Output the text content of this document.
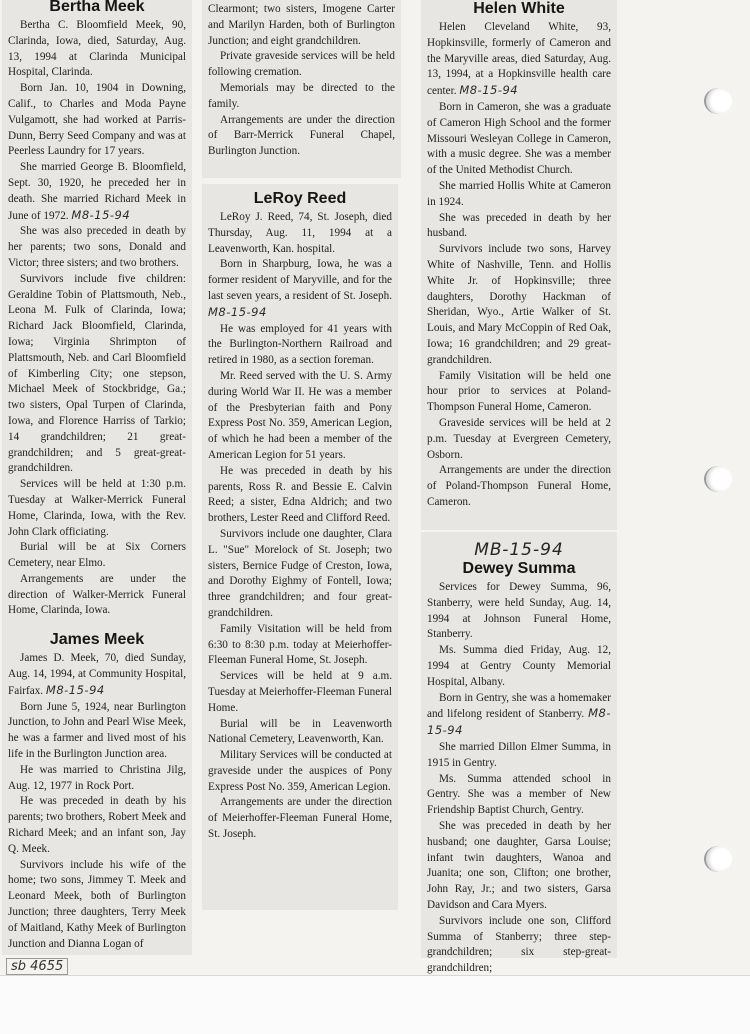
Bertha Meek

Bertha C. Bloomfield Meek, 90, Clarinda, Iowa, died, Saturday, Aug. 13, 1994 at Clarinda Municipal Hospital, Clarinda.

Born Jan. 10, 1904 in Downing, Calif., to Charles and Moda Payne Vulgamott, she had worked at Parris-Dunn, Berry Seed Company and was at Peerless Laundry for 17 years.

She married George B. Bloomfield, Sept. 30, 1920, he preceded her in death. She married Richard Meek in June of 1972. M8-15-94

She was also preceded in death by her parents; two sons, Donald and Victor; three sisters; and two brothers.

Survivors include five children: Geraldine Tobin of Plattsmouth, Neb., Leona M. Fulk of Clarinda, Iowa; Richard Jack Bloomfield, Clarinda, Iowa; Virginia Shrimpton of Plattsmouth, Neb. and Carl Bloomfield of Kimberling City; one stepson, Michael Meek of Stockbridge, Ga.; two sisters, Opal Turpen of Clarinda, Iowa, and Florence Harriss of Tarkio; 14 grandchildren; 21 great-grandchildren; and 5 great-great-grandchildren.

Services will be held at 1:30 p.m. Tuesday at Walker-Merrick Funeral Home, Clarinda, Iowa, with the Rev. John Clark officiating.

Burial will be at Six Corners Cemetery, near Elmo.

Arrangements are under the direction of Walker-Merrick Funeral Home, Clarinda, Iowa.

James Meek

James D. Meek, 70, died Sunday, Aug. 14, 1994, at Community Hospital, Fairfax. M8-15-94

Born June 5, 1924, near Burlington Junction, to John and Pearl Wise Meek, he was a farmer and lived most of his life in the Burlington Junction area.

He was married to Christina Jilg, Aug. 12, 1977 in Rock Port.

He was preceded in death by his parents; two brothers, Robert Meek and Richard Meek; and an infant son, Jay Q. Meek.

Survivors include his wife of the home; two sons, Jimmey T. Meek and Leonard Meek, both of Burlington Junction; three daughters, Terry Meek of Maitland, Kathy Meek of Burlington Junction and Dianna Logan of

Clearmont; two sisters, Imogene Carter and Marilyn Harden, both of Burlington Junction; and eight grandchildren.

Private graveside services will be held following cremation.

Memorials may be directed to the family.

Arrangements are under the direction of Barr-Merrick Funeral Chapel, Burlington Junction.

LeRoy Reed

LeRoy J. Reed, 74, St. Joseph, died Thursday, Aug. 11, 1994 at a Leavenworth, Kan. hospital.

Born in Sharpburg, Iowa, he was a former resident of Maryville, and for the last seven years, a resident of St. Joseph. M8-15-94

He was employed for 41 years with the Burlington-Northern Railroad and retired in 1980, as a section foreman.

Mr. Reed served with the U. S. Army during World War II. He was a member of the Presbyterian faith and Pony Express Post No. 359, American Legion, of which he had been a member of the American Legion for 51 years.

He was preceded in death by his parents, Ross R. and Bessie E. Calvin Reed; a sister, Edna Aldrich; and two brothers, Lester Reed and Clifford Reed.

Survivors include one daughter, Clara L. "Sue" Morelock of St. Joseph; two sisters, Bernice Fudge of Creston, Iowa, and Dorothy Eighmy of Fontell, Iowa; three grandchildren; and four great-grandchildren.

Family Visitation will be held from 6:30 to 8:30 p.m. today at Meierhoffer-Fleeman Funeral Home, St. Joseph.

Services will be held at 9 a.m. Tuesday at Meierhoffer-Fleeman Funeral Home.

Burial will be in Leavenworth National Cemetery, Leavenworth, Kan.

Military Services will be conducted at graveside under the auspices of Pony Express Post No. 359, American Legion.

Arrangements are under the direction of Meierhoffer-Fleeman Funeral Home, St. Joseph.

Helen White

Helen Cleveland White, 93, Hopkinsville, formerly of Cameron and the Maryville areas, died Saturday, Aug. 13, 1994, at a Hopkinsville health care center. M8-15-94

Born in Cameron, she was a graduate of Cameron High School and the former Missouri Wesleyan College in Cameron, with a music degree. She was a member of the United Methodist Church.

She married Hollis White at Cameron in 1924.

She was preceded in death by her husband.

Survivors include two sons, Harvey White of Nashville, Tenn. and Hollis White Jr. of Hopkinsville; three daughters, Dorothy Hackman of Sheridan, Wyo., Artie Walker of St. Louis, and Mary McCoppin of Red Oak, Iowa; 16 grandchildren; and 29 great-grandchildren.

Family Visitation will be held one hour prior to services at Poland-Thompson Funeral Home, Cameron.

Graveside services will be held at 2 p.m. Tuesday at Evergreen Cemetery, Osborn.

Arrangements are under the direction of Poland-Thompson Funeral Home, Cameron.

MB-15-94
Dewey Summa

Services for Dewey Summa, 96, Stanberry, were held Sunday, Aug. 14, 1994 at Johnson Funeral Home, Stanberry.

Ms. Summa died Friday, Aug. 12, 1994 at Gentry County Memorial Hospital, Albany.

Born in Gentry, she was a homemaker and lifelong resident of Stanberry. M8-15-94

She married Dillon Elmer Summa, in 1915 in Gentry.

Ms. Summa attended school in Gentry. She was a member of New Friendship Baptist Church, Gentry.

She was preceded in death by her husband; one daughter, Garsa Louise; infant twin daughters, Wanoa and Juanita; one son, Clifton; one brother, John Ray, Jr.; and two sisters, Garsa Davidson and Cara Myers.

Survivors include one son, Clifford Summa of Stanberry; three step-grandchildren; six step-great-grandchildren;

sb 4655
